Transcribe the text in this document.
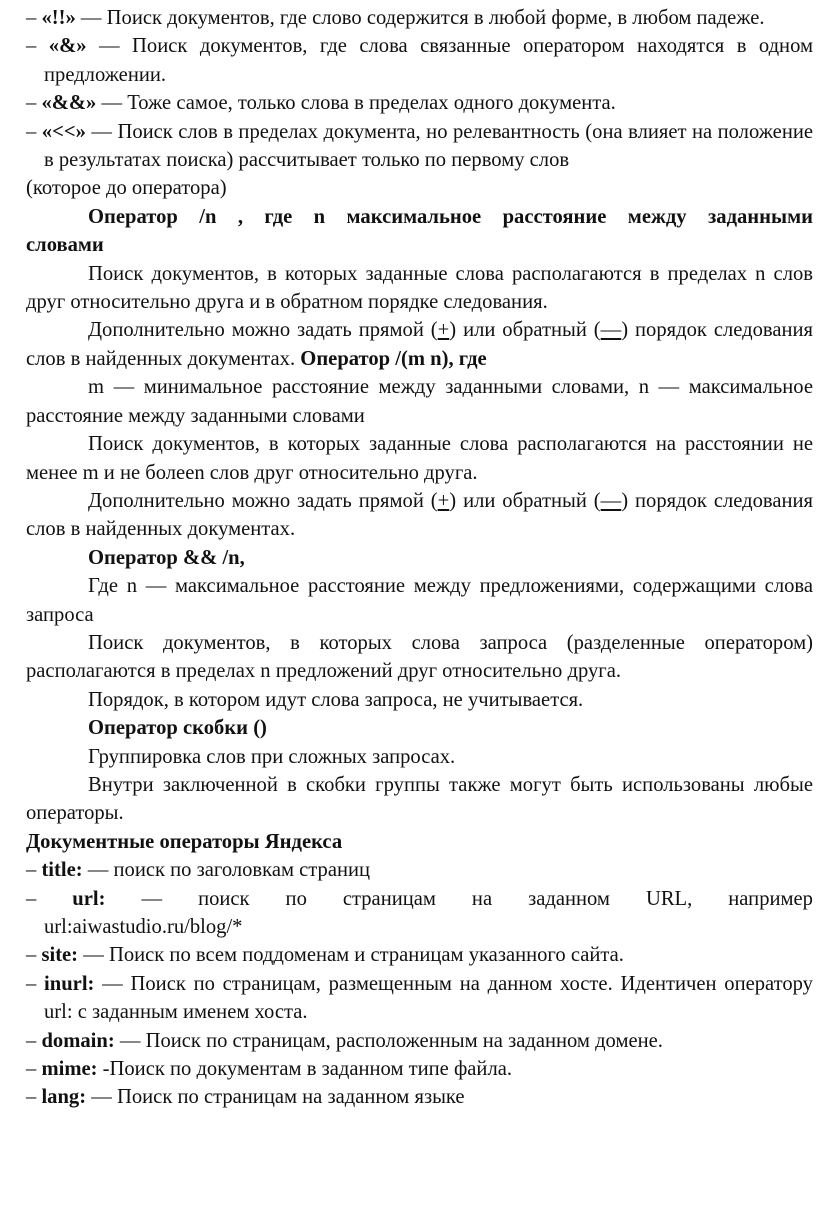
– «!!» — Поиск документов, где слово содержится в любой форме, в любом падеже.

– «&» — Поиск документов, где слова связанные оператором находятся в одном предложении.

– «&&» — Тоже самое, только слова в пределах одного документа.

– «<<» — Поиск слов в пределах документа, но релевантность (она влияет на положение в результатах поиска) рассчитывает только по первому слов

(которое до оператора)

Оператор /n , где n максимальное расстояние между заданными словами

Поиск документов, в которых заданные слова располагаются в пределах n слов друг относительно друга и в обратном порядке следования.

Дополнительно можно задать прямой (+) или обратный (—) порядок следования слов в найденных документах. Оператор /(m n), где

m — минимальное расстояние между заданными словами, n — максимальное расстояние между заданными словами

Поиск документов, в которых заданные слова располагаются на расстоянии не менее m и не болееn слов друг относительно друга.

Дополнительно можно задать прямой (+) или обратный (—) порядок следования слов в найденных документах.

Оператор && /n,

Где n — максимальное расстояние между предложениями, содержащими слова запроса

Поиск документов, в которых слова запроса (разделенные оператором) располагаются в пределах n предложений друг относительно друга.

Порядок, в котором идут слова запроса, не учитывается.

Оператор скобки ()

Группировка слов при сложных запросах.

Внутри заключенной в скобки группы также могут быть использованы любые операторы.

Документные операторы Яндекса

– title: — поиск по заголовкам страниц

– url: — поиск по страницам на заданном URL, например url:aiwastudio.ru/blog/*

– site: — Поиск по всем поддоменам и страницам указанного сайта.

– inurl: — Поиск по страницам, размещенным на данном хосте. Идентичен оператору url: с заданным именем хоста.

– domain: — Поиск по страницам, расположенным на заданном домене.

– mime: -Поиск по документам в заданном типе файла.

– lang: — Поиск по страницам на заданном языке
